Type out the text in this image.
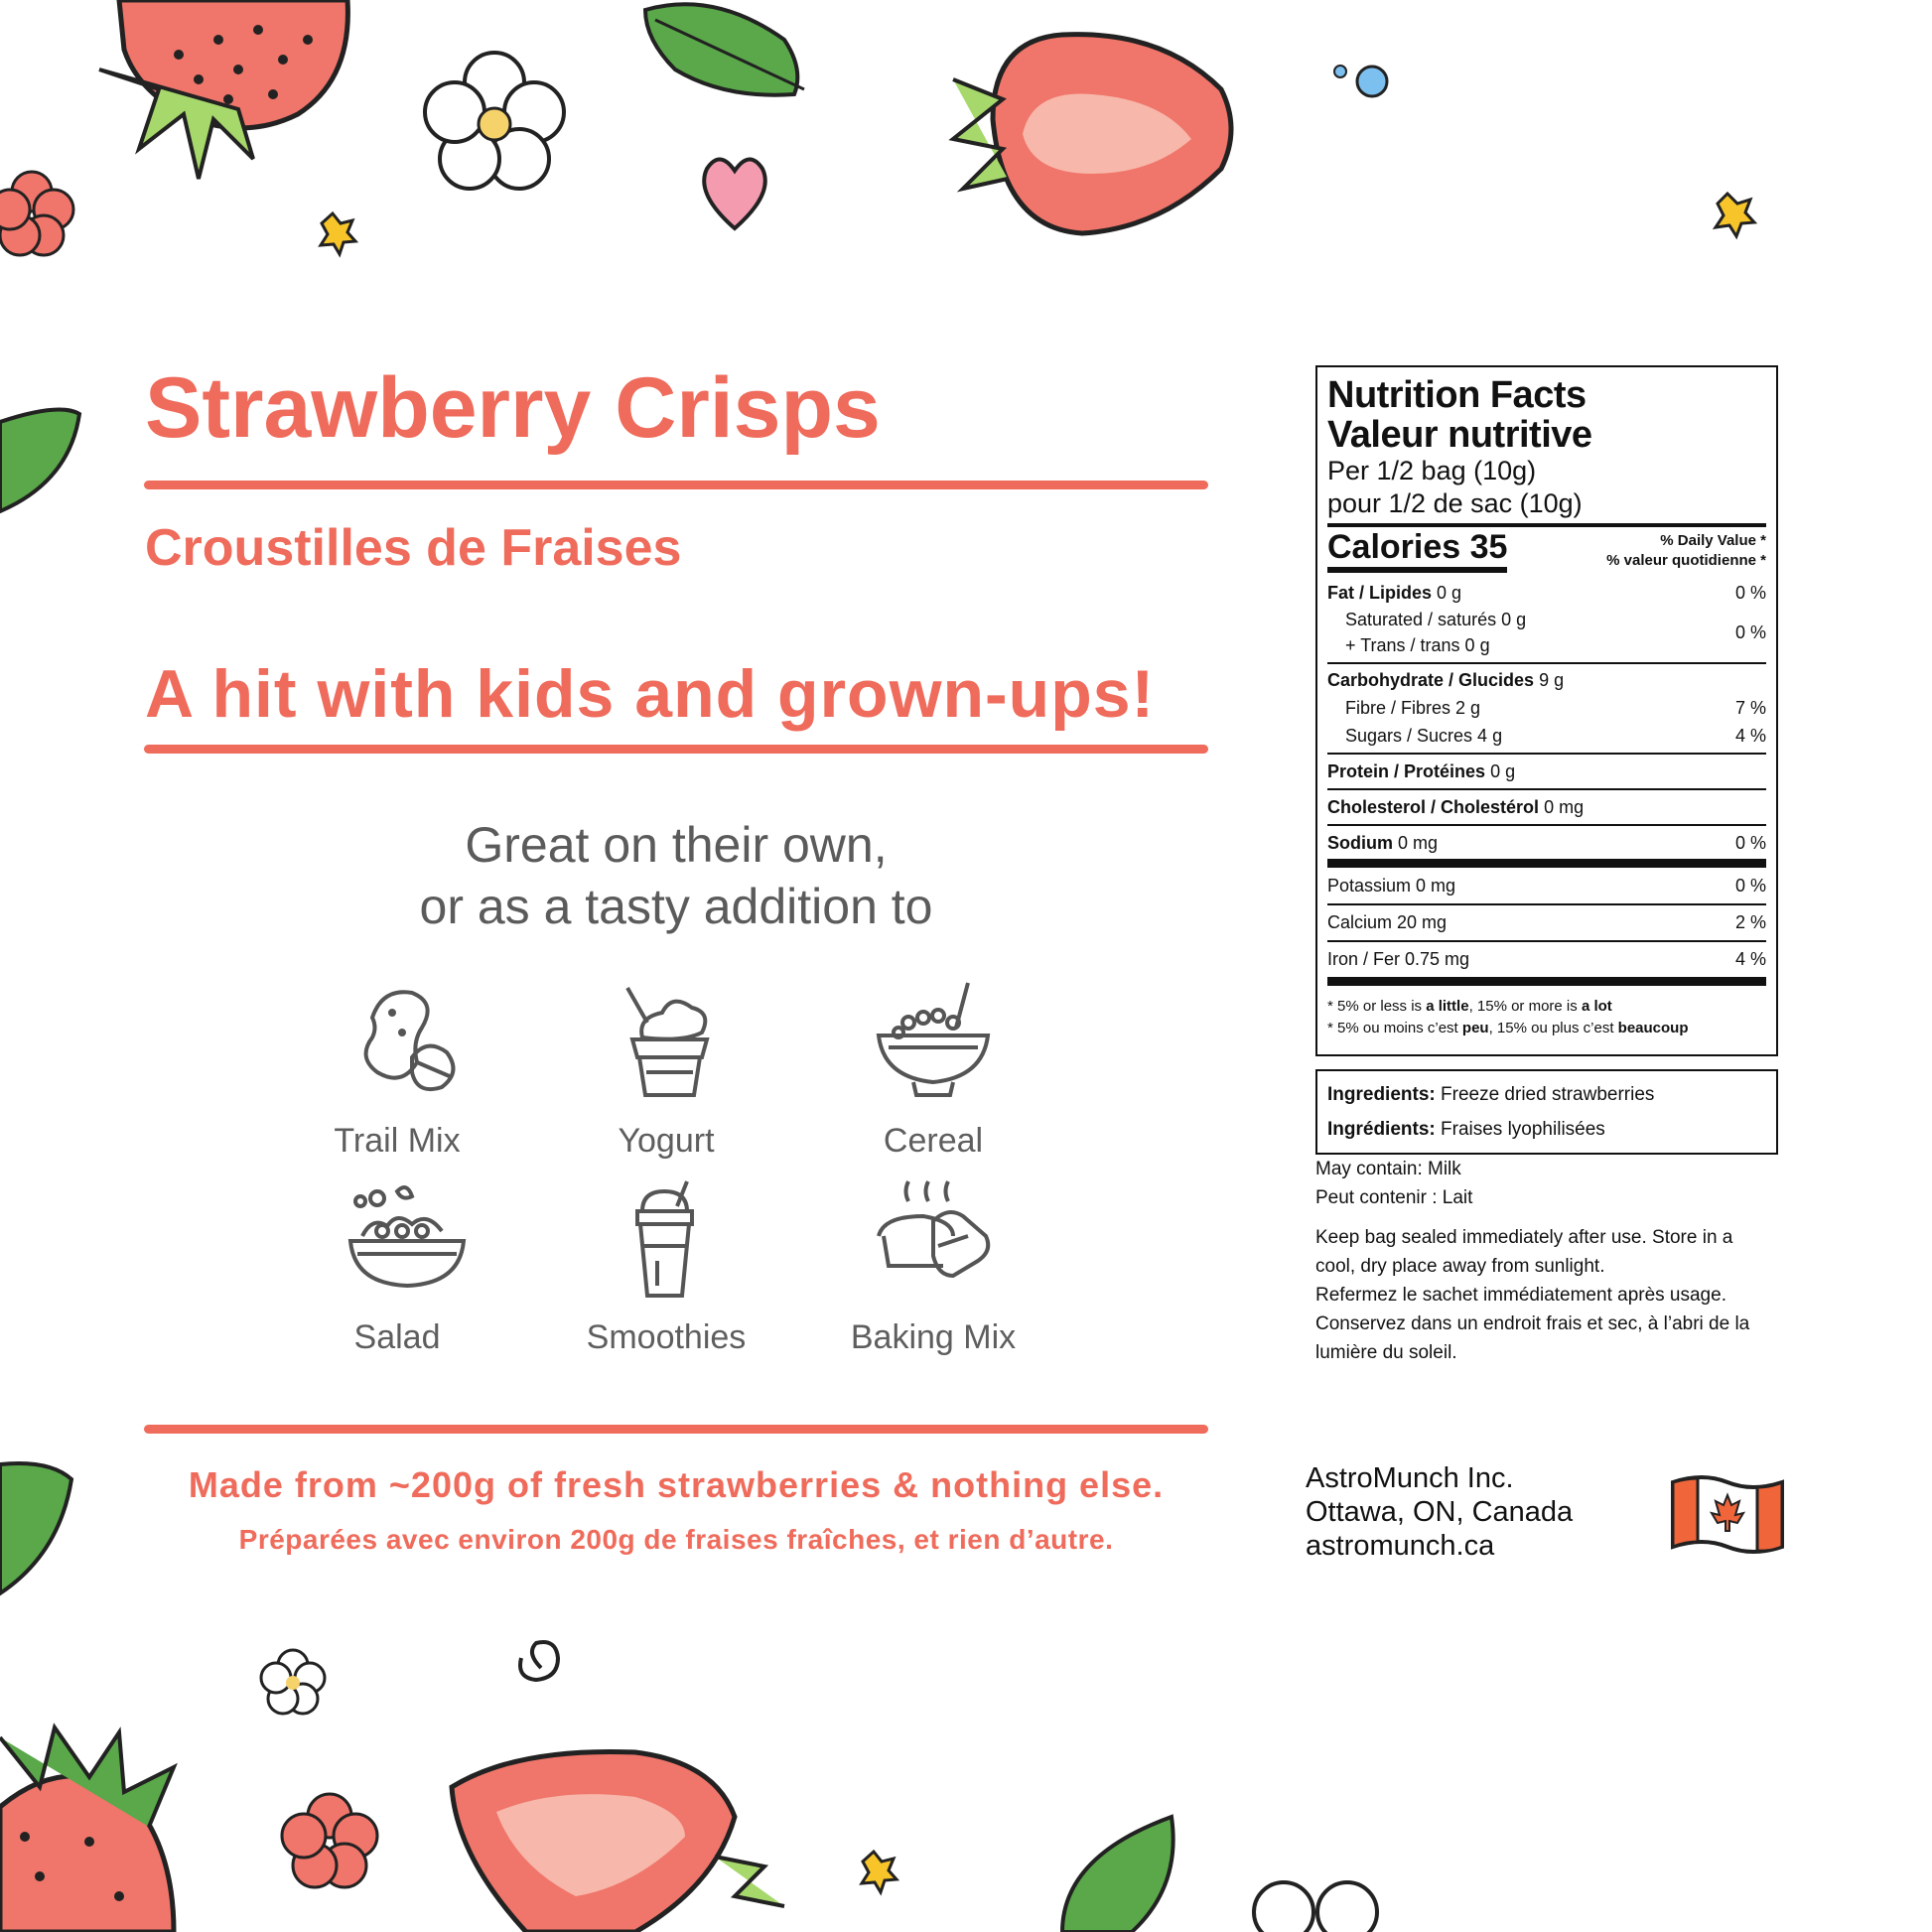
Strawberry Crisps
Croustilles de Fraises
A hit with kids and grown-ups!
Great on their own,
or as a tasty addition to
Trail Mix	Yogurt	Cereal
Salad	Smoothies	Baking Mix
Made from ~200g of fresh strawberries & nothing else.
Préparées avec environ 200g de fraises fraîches, et rien d’autre.
Nutrition Facts
Valeur nutritive
Per 1/2 bag (10g)
pour 1/2 de sac (10g)
Calories 35	% Daily Value *
% valeur quotidienne *
Fat / Lipides 0 g	0 %
Saturated / saturés 0 g
+ Trans / trans 0 g
0 %
Carbohydrate / Glucides 9 g
Fibre / Fibres 2 g	7 %
Sugars / Sucres 4 g	4 %
Protein / Protéines 0 g
Cholesterol / Cholestérol 0 mg
Sodium 0 mg	0 %
Potassium 0 mg	0 %
Calcium 20 mg	2 %
Iron / Fer 0.75 mg	4 %
* 5% or less is a little, 15% or more is a lot
* 5% ou moins c’est peu, 15% ou plus c’est beaucoup
Ingredients: Freeze dried strawberries
Ingrédients: Fraises lyophilisées
May contain: Milk
Peut contenir : Lait
Keep bag sealed immediately after use. Store in a cool, dry place away from sunlight.
Refermez le sachet immédiatement après usage. Conservez dans un endroit frais et sec, à l’abri de la lumière du soleil.
AstroMunch Inc.
Ottawa, ON, Canada
astromunch.ca
